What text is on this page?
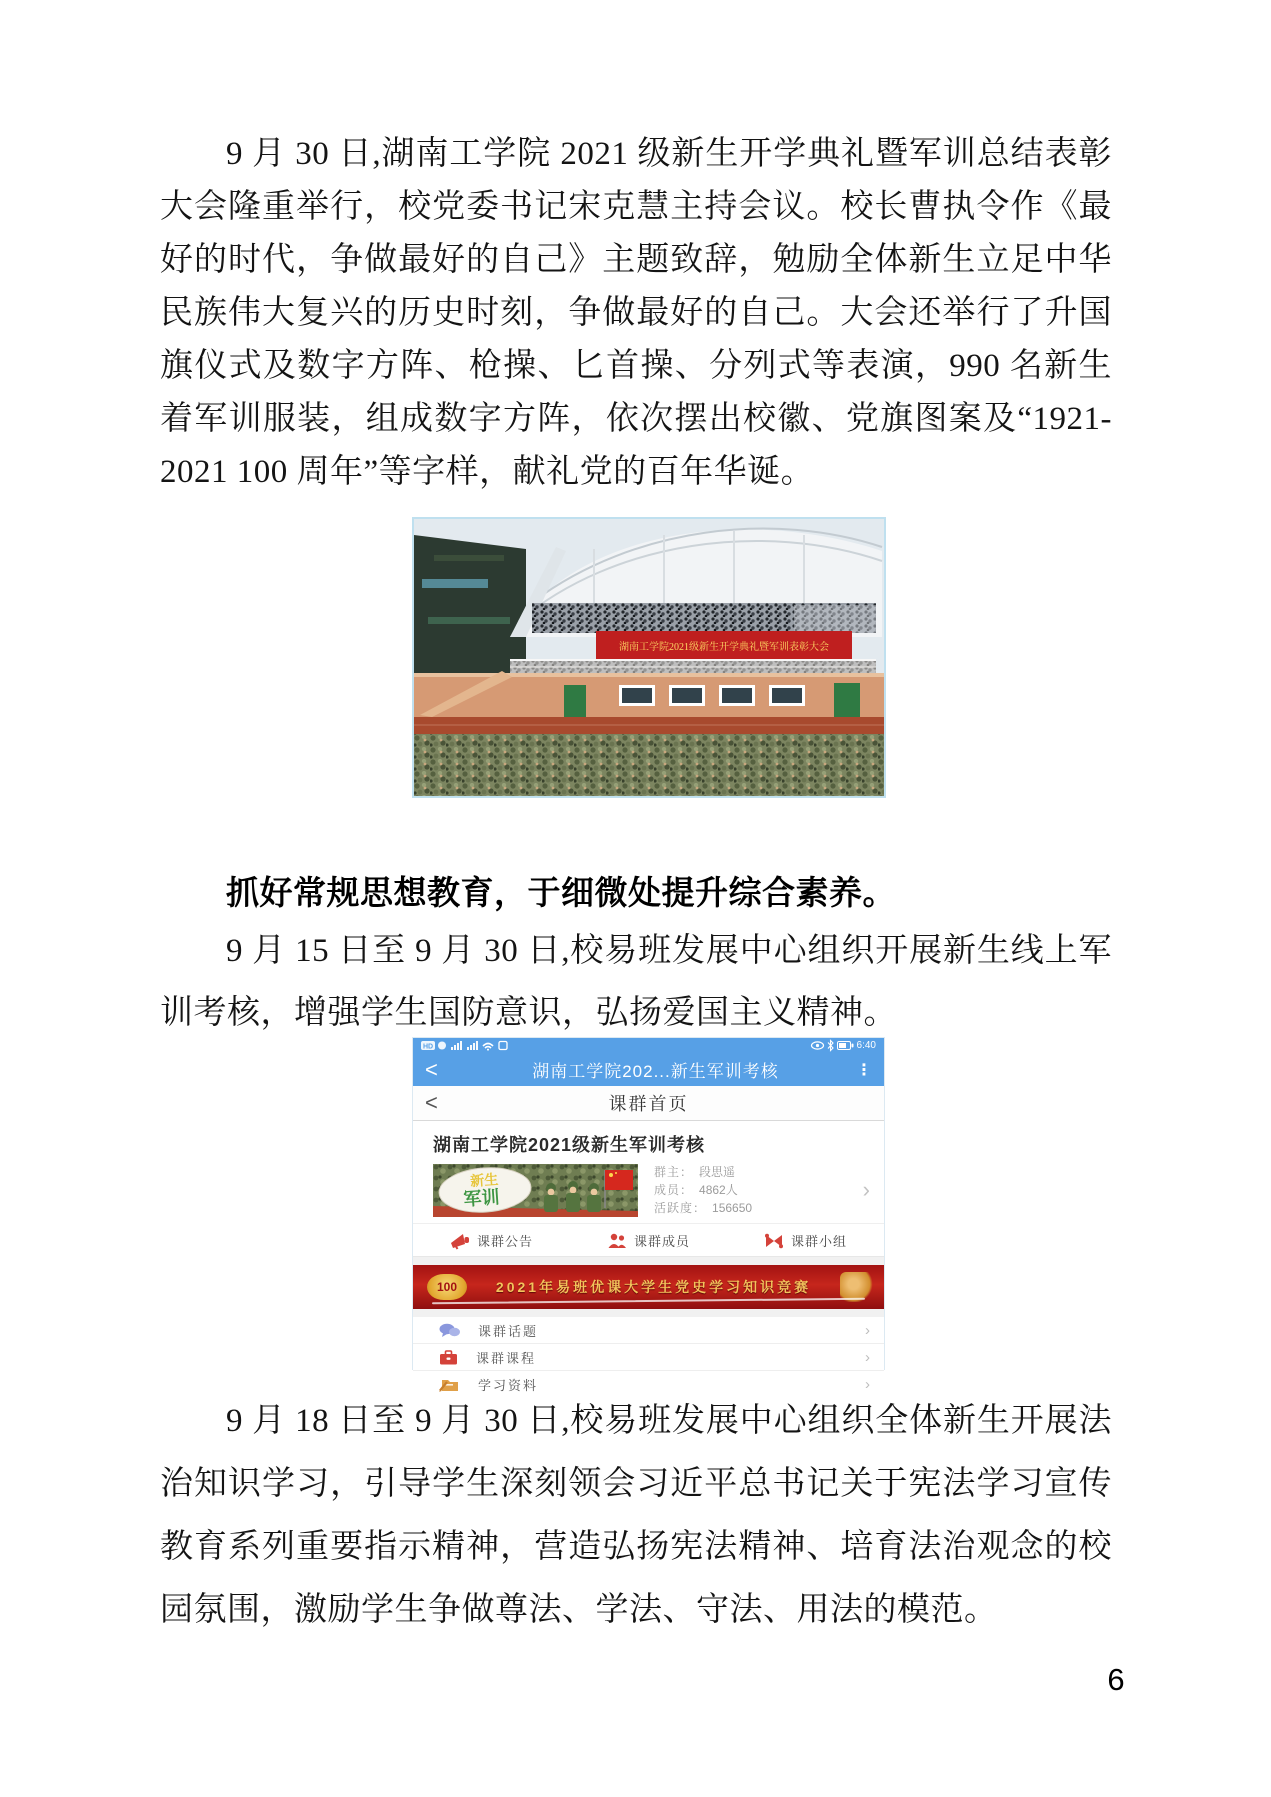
9 月 30 日,湖南工学院 2021 级新生开学典礼暨军训总结表彰大会隆重举行，校党委书记宋克慧主持会议。校长曹执令作《最好的时代，争做最好的自己》主题致辞，勉励全体新生立足中华民族伟大复兴的历史时刻，争做最好的自己。大会还举行了升国旗仪式及数字方阵、枪操、匕首操、分列式等表演，990 名新生着军训服装，组成数字方阵，依次摆出校徽、党旗图案及“1921-2021 100 周年”等字样，献礼党的百年华诞。

湖南工学院2021级新生开学典礼暨军训表彰大会

抓好常规思想教育，于细微处提升综合素养。

9 月 15 日至 9 月 30 日,校易班发展中心组织开展新生线上军训考核，增强学生国防意识，弘扬爱国主义精神。

HD	6:40
<	湖南工学院202...新生军训考核	⋮
<	课群首页
湖南工学院2021级新生军训考核
新生
军训
群主： 段思遥
成员： 4862人
活跃度： 156650
›
课群公告	课群成员	课群小组
100	2021年易班优课大学生党史学习知识竞赛
课群话题	›
课群课程	›
学习资料	›

9 月 18 日至 9 月 30 日,校易班发展中心组织全体新生开展法治知识学习，引导学生深刻领会习近平总书记关于宪法学习宣传教育系列重要指示精神，营造弘扬宪法精神、培育法治观念的校园氛围，激励学生争做尊法、学法、守法、用法的模范。

6
